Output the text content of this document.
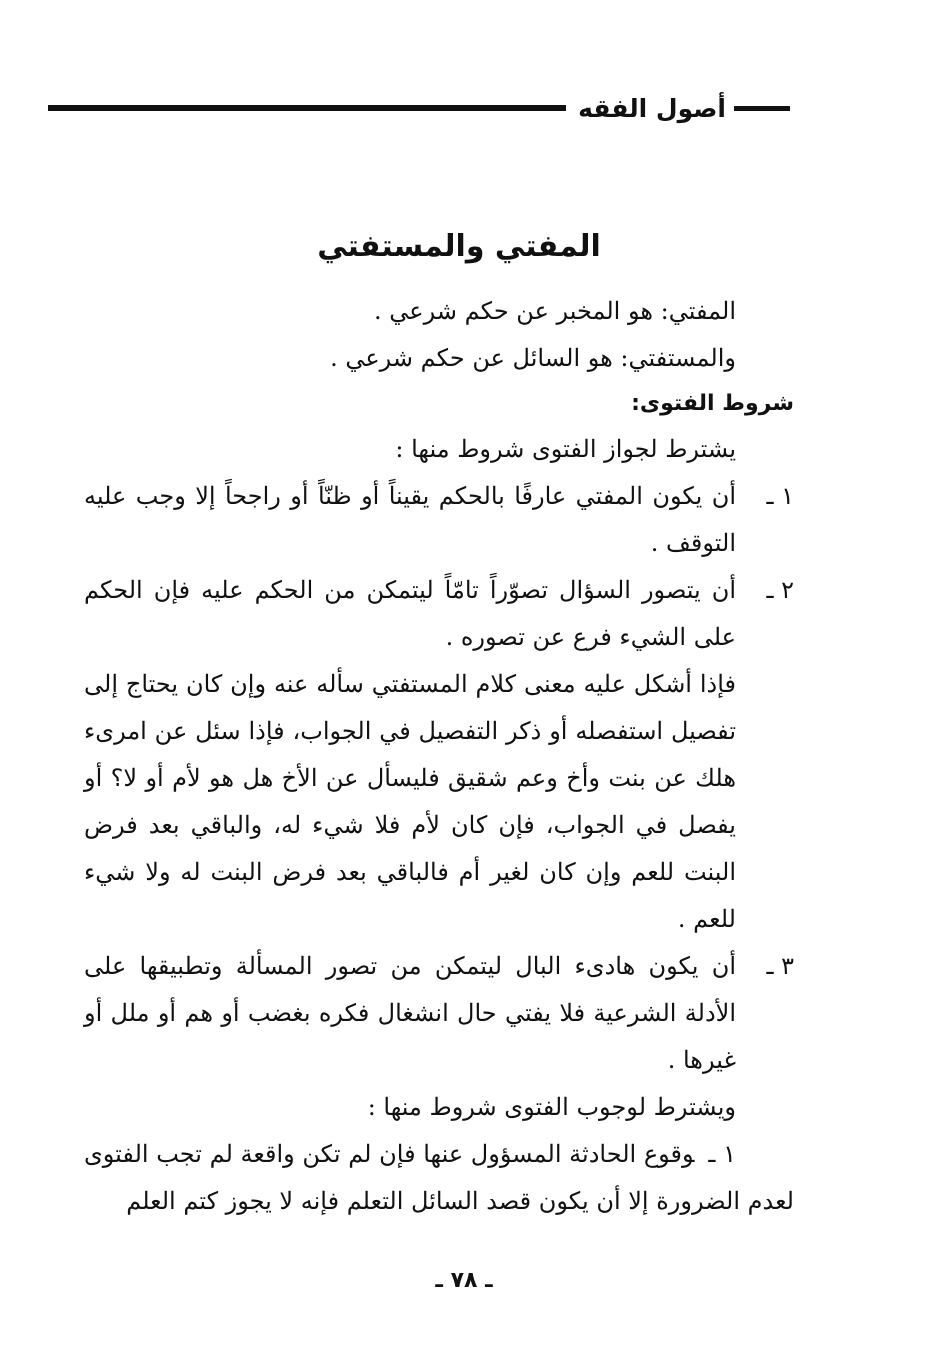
أصول الفقه
المفتي والمستفتي

المفتي: هو المخبر عن حكم شرعي .

والمستفتي: هو السائل عن حكم شرعي .

شروط الفتوى:

يشترط لجواز الفتوى شروط منها :

١ ـ
أن يكون المفتي عارفًا بالحكم يقيناً أو ظنّاً أو راجحاً إلا وجب عليه التوقف .
٢ ـ
أن يتصور السؤال تصوّراً تامّاً ليتمكن من الحكم عليه فإن الحكم على الشيء فرع عن تصوره .

فإذا أشكل عليه معنى كلام المستفتي سأله عنه وإن كان يحتاج إلى تفصيل استفصله أو ذكر التفصيل في الجواب، فإذا سئل عن امرىء هلك عن بنت وأخ وعم شقيق فليسأل عن الأخ هل هو لأم أو لا؟ أو يفصل في الجواب، فإن كان لأم فلا شيء له، والباقي بعد فرض البنت للعم وإن كان لغير أم فالباقي بعد فرض البنت له ولا شيء للعم .

٣ ـ
أن يكون هادىء البال ليتمكن من تصور المسألة وتطبيقها على الأدلة الشرعية فلا يفتي حال انشغال فكره بغضب أو هم أو ملل أو غيرها .

ويشترط لوجوب الفتوى شروط منها :

١ ـوقوع الحادثة المسؤول عنها فإن لم تكن واقعة لم تجب الفتوى لعدم الضرورة إلا أن يكون قصد السائل التعلم فإنه لا يجوز كتم العلم

ـ ٧٨ ـ
